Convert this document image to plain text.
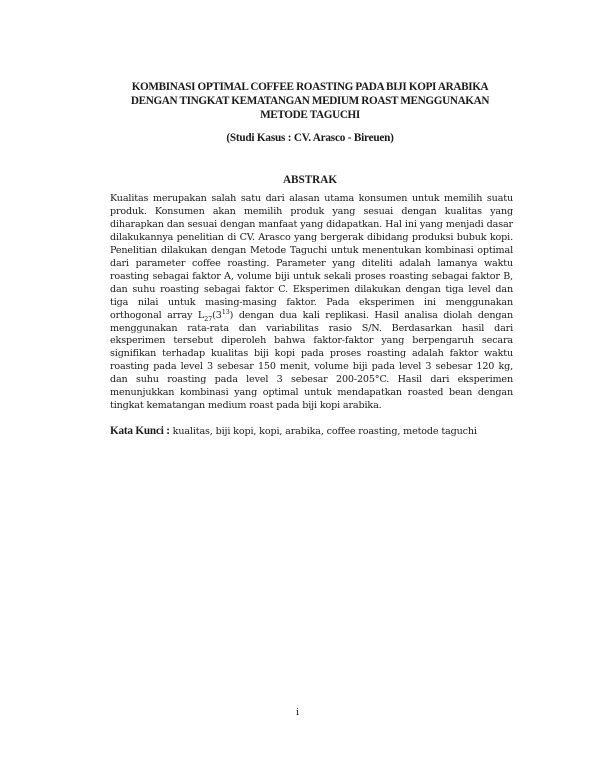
KOMBINASI OPTIMAL COFFEE ROASTING PADA BIJI KOPI ARABIKA
DENGAN TINGKAT KEMATANGAN MEDIUM ROAST MENGGUNAKAN
METODE TAGUCHI

(Studi Kasus : CV. Arasco - Bireuen)

ABSTRAK

Kualitas merupakan salah satu dari alasan utama konsumen untuk memilih suatu produk. Konsumen akan memilih produk yang sesuai dengan kualitas yang diharapkan dan sesuai dengan manfaat yang didapatkan. Hal ini yang menjadi dasar dilakukannya penelitian di CV. Arasco yang bergerak dibidang produksi bubuk kopi. Penelitian dilakukan dengan Metode Taguchi untuk menentukan kombinasi optimal dari parameter coffee roasting. Parameter yang diteliti adalah lamanya waktu roasting sebagai faktor A, volume biji untuk sekali proses roasting sebagai faktor B, dan suhu roasting sebagai faktor C. Eksperimen dilakukan dengan tiga level dan tiga nilai untuk masing-masing faktor. Pada eksperimen ini menggunakan orthogonal array $L_{27}(3^{13})$ dengan dua kali replikasi. Hasil analisa diolah dengan menggunakan rata-rata dan variabilitas rasio S/N. Berdasarkan hasil dari eksperimen tersebut diperoleh bahwa faktor-faktor yang berpengaruh secara signifikan terhadap kualitas biji kopi pada proses roasting adalah faktor waktu roasting pada level 3 sebesar 150 menit, volume biji pada level 3 sebesar 120 kg, dan suhu roasting pada level 3 sebesar 200-205°C. Hasil dari eksperimen menunjukkan kombinasi yang optimal untuk mendapatkan roasted bean dengan tingkat kematangan medium roast pada biji kopi arabika.

Kata Kunci : kualitas, biji kopi, kopi, arabika, coffee roasting, metode taguchi

i
